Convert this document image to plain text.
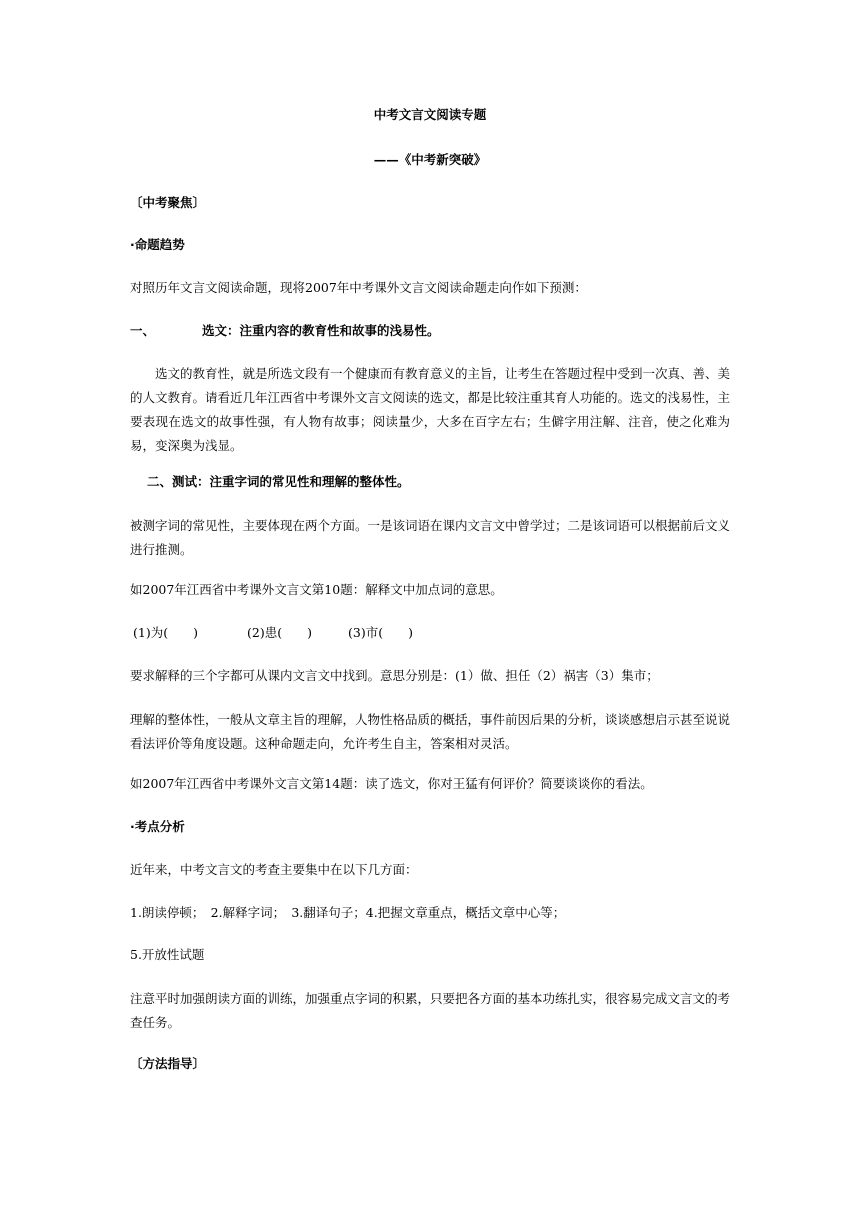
中考文言文阅读专题
——《中考新突破》
〔中考聚焦〕
·命题趋势
对照历年文言文阅读命题，现将2007年中考课外文言文阅读命题走向作如下预测：
一、	选文：注重内容的教育性和故事的浅易性。
选文的教育性，就是所选文段有一个健康而有教育意义的主旨，让考生在答题过程中受到一次真、善、美的人文教育。请看近几年江西省中考课外文言文阅读的选文，都是比较注重其育人功能的。选文的浅易性，主要表现在选文的故事性强，有人物有故事；阅读量少，大多在百字左右；生僻字用注解、注音，使之化难为易，变深奥为浅显。
二、测试：注重字词的常见性和理解的整体性。
被测字词的常见性，主要体现在两个方面。一是该词语在课内文言文中曾学过；二是该词语可以根据前后文义进行推测。
如2007年江西省中考课外文言文第10题：解释文中加点词的意思。
(1)为(　　)	(2)患(　　)	(3)市(　　)
要求解释的三个字都可从课内文言文中找到。意思分别是：(1）做、担任（2）祸害（3）集市；
理解的整体性，一般从文章主旨的理解，人物性格品质的概括，事件前因后果的分析，谈谈感想启示甚至说说看法评价等角度设题。这种命题走向，允许考生自主，答案相对灵活。
如2007年江西省中考课外文言文第14题：读了选文，你对王猛有何评价？简要谈谈你的看法。
·考点分析
近年来，中考文言文的考查主要集中在以下几方面：
1.朗读停顿；　2.解释字词；　3.翻译句子；4.把握文章重点，概括文章中心等；
5.开放性试题
注意平时加强朗读方面的训练，加强重点字词的积累，只要把各方面的基本功练扎实，很容易完成文言文的考查任务。
〔方法指导〕
